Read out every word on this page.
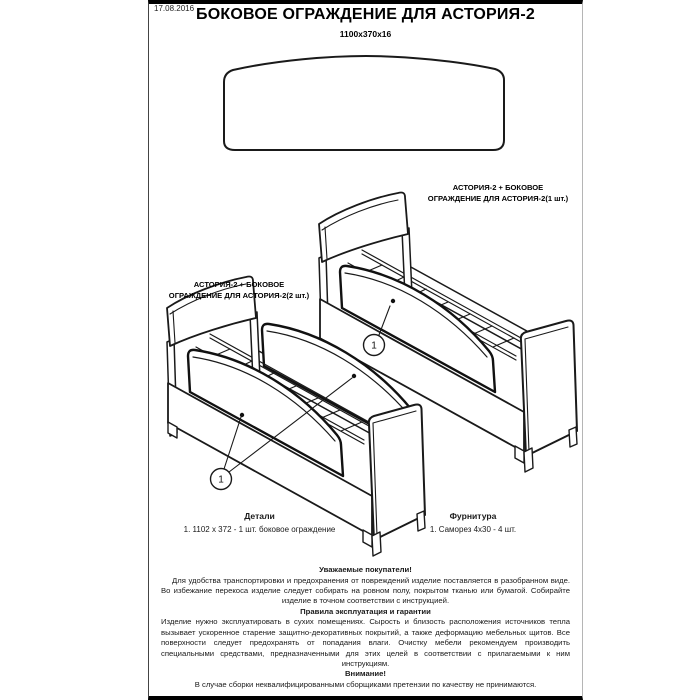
17.08.2016 БОКОВОЕ ОГРАЖДЕНИЕ ДЛЯ АСТОРИЯ-2
1100x370x16
1
1
АСТОРИЯ-2 + БОКОВОЕ
ОГРАЖДЕНИЕ ДЛЯ АСТОРИЯ-2(1 шт.)
АСТОРИЯ-2 + БОКОВОЕ
ОГРАЖДЕНИЕ ДЛЯ АСТОРИЯ-2(2 шт.)
Детали
1. 1102 x 372 - 1 шт. боковое ограждение
Фурнитура
1. Саморез 4x30 - 4 шт.
Уважаемые покупатели!

Для удобства транспортировки и предохранения от повреждений изделие поставляется в разобранном виде. Во избежание перекоса изделие следует собирать на ровном полу, покрытом тканью или бумагой. Собирайте изделие в точном соответствии с инструкцией.

Правила эксплуатация и гарантии

Изделие нужно эксплуатировать в сухих помещениях. Сырость и близость расположения источников тепла вызывает ускоренное старение защитно-декоративных покрытий, а также деформацию мебельных щитов. Все поверхности следует предохранять от попадания влаги. Очистку мебели рекомендуем производить специальными средствами, предназначенными для этих целей в соответствии с прилагаемыми к ним инструкциям.

Внимание!

В случае сборки неквалифицированными сборщиками претензии по качеству не принимаются.
